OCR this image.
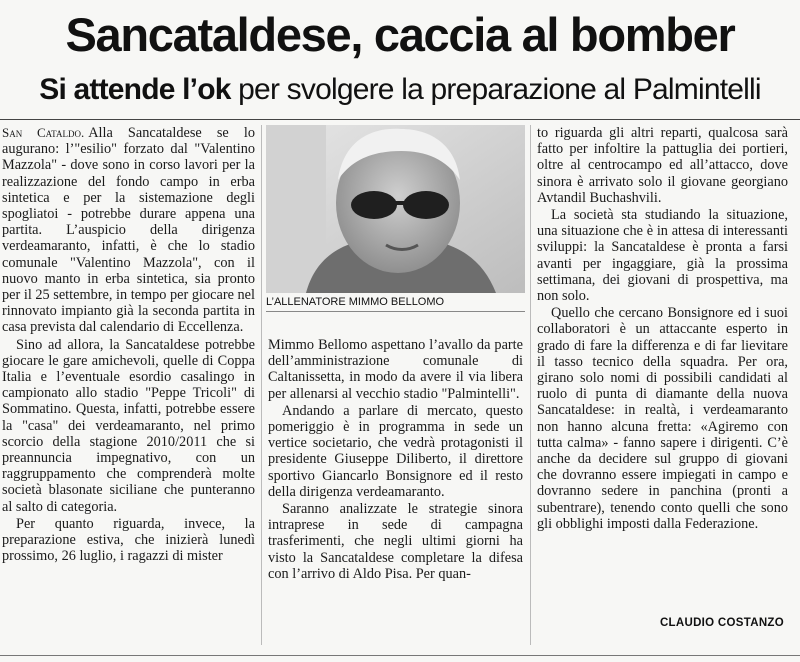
Sancataldese, caccia al bomber
Si attende l’ok per svolgere la preparazione al Palmintelli

San Cataldo. Alla Sancataldese se lo augurano: l’"esilio" forzato dal "Valentino Mazzola" - dove sono in corso lavori per la realizzazione del fondo campo in erba sintetica e per la sistemazione degli spogliatoi - potrebbe durare appena una partita. L’auspicio della dirigenza verdeamaranto, infatti, è che lo stadio comunale "Valentino Mazzola", con il nuovo manto in erba sintetica, sia pronto per il 25 settembre, in tempo per giocare nel rinnovato impianto già la seconda partita in casa prevista dal calendario di Eccellenza.

Sino ad allora, la Sancataldese potrebbe giocare le gare amichevoli, quelle di Coppa Italia e l’eventuale esordio casalingo in campionato allo stadio "Peppe Tricoli" di Sommatino. Questa, infatti, potrebbe essere la "casa" dei verdeamaranto, nel primo scorcio della stagione 2010/2011 che si preannuncia impegnativo, con un raggruppamento che comprenderà molte società blasonate siciliane che punteranno al salto di categoria.

Per quanto riguarda, invece, la preparazione estiva, che inizierà lunedì prossimo, 26 luglio, i ragazzi di mister

L’ALLENATORE MIMMO BELLOMO

Mimmo Bellomo aspettano l’avallo da parte dell’amministrazione comunale di Caltanissetta, in modo da avere il via libera per allenarsi al vecchio stadio "Palmintelli".

Andando a parlare di mercato, questo pomeriggio è in programma in sede un vertice societario, che vedrà protagonisti il presidente Giuseppe Diliberto, il direttore sportivo Giancarlo Bonsignore ed il resto della dirigenza verdeamaranto.

Saranno analizzate le strategie sinora intraprese in sede di campagna trasferimenti, che negli ultimi giorni ha visto la Sancataldese completare la difesa con l’arrivo di Aldo Pisa. Per quan-

to riguarda gli altri reparti, qualcosa sarà fatto per infoltire la pattuglia dei portieri, oltre al centrocampo ed all’attacco, dove sinora è arrivato solo il giovane georgiano Avtandil Buchashvili.

La società sta studiando la situazione, una situazione che è in attesa di interessanti sviluppi: la Sancataldese è pronta a farsi avanti per ingaggiare, già la prossima settimana, dei giovani di prospettiva, ma non solo.

Quello che cercano Bonsignore ed i suoi collaboratori è un attaccante esperto in grado di fare la differenza e di far lievitare il tasso tecnico della squadra. Per ora, girano solo nomi di possibili candidati al ruolo di punta di diamante della nuova Sancataldese: in realtà, i verdeamaranto non hanno alcuna fretta: «Agiremo con tutta calma» - fanno sapere i dirigenti. C’è anche da decidere sul gruppo di giovani che dovranno essere impiegati in campo e dovranno sedere in panchina (pronti a subentrare), tenendo conto quelli che sono gli obblighi imposti dalla Federazione.

CLAUDIO COSTANZO
